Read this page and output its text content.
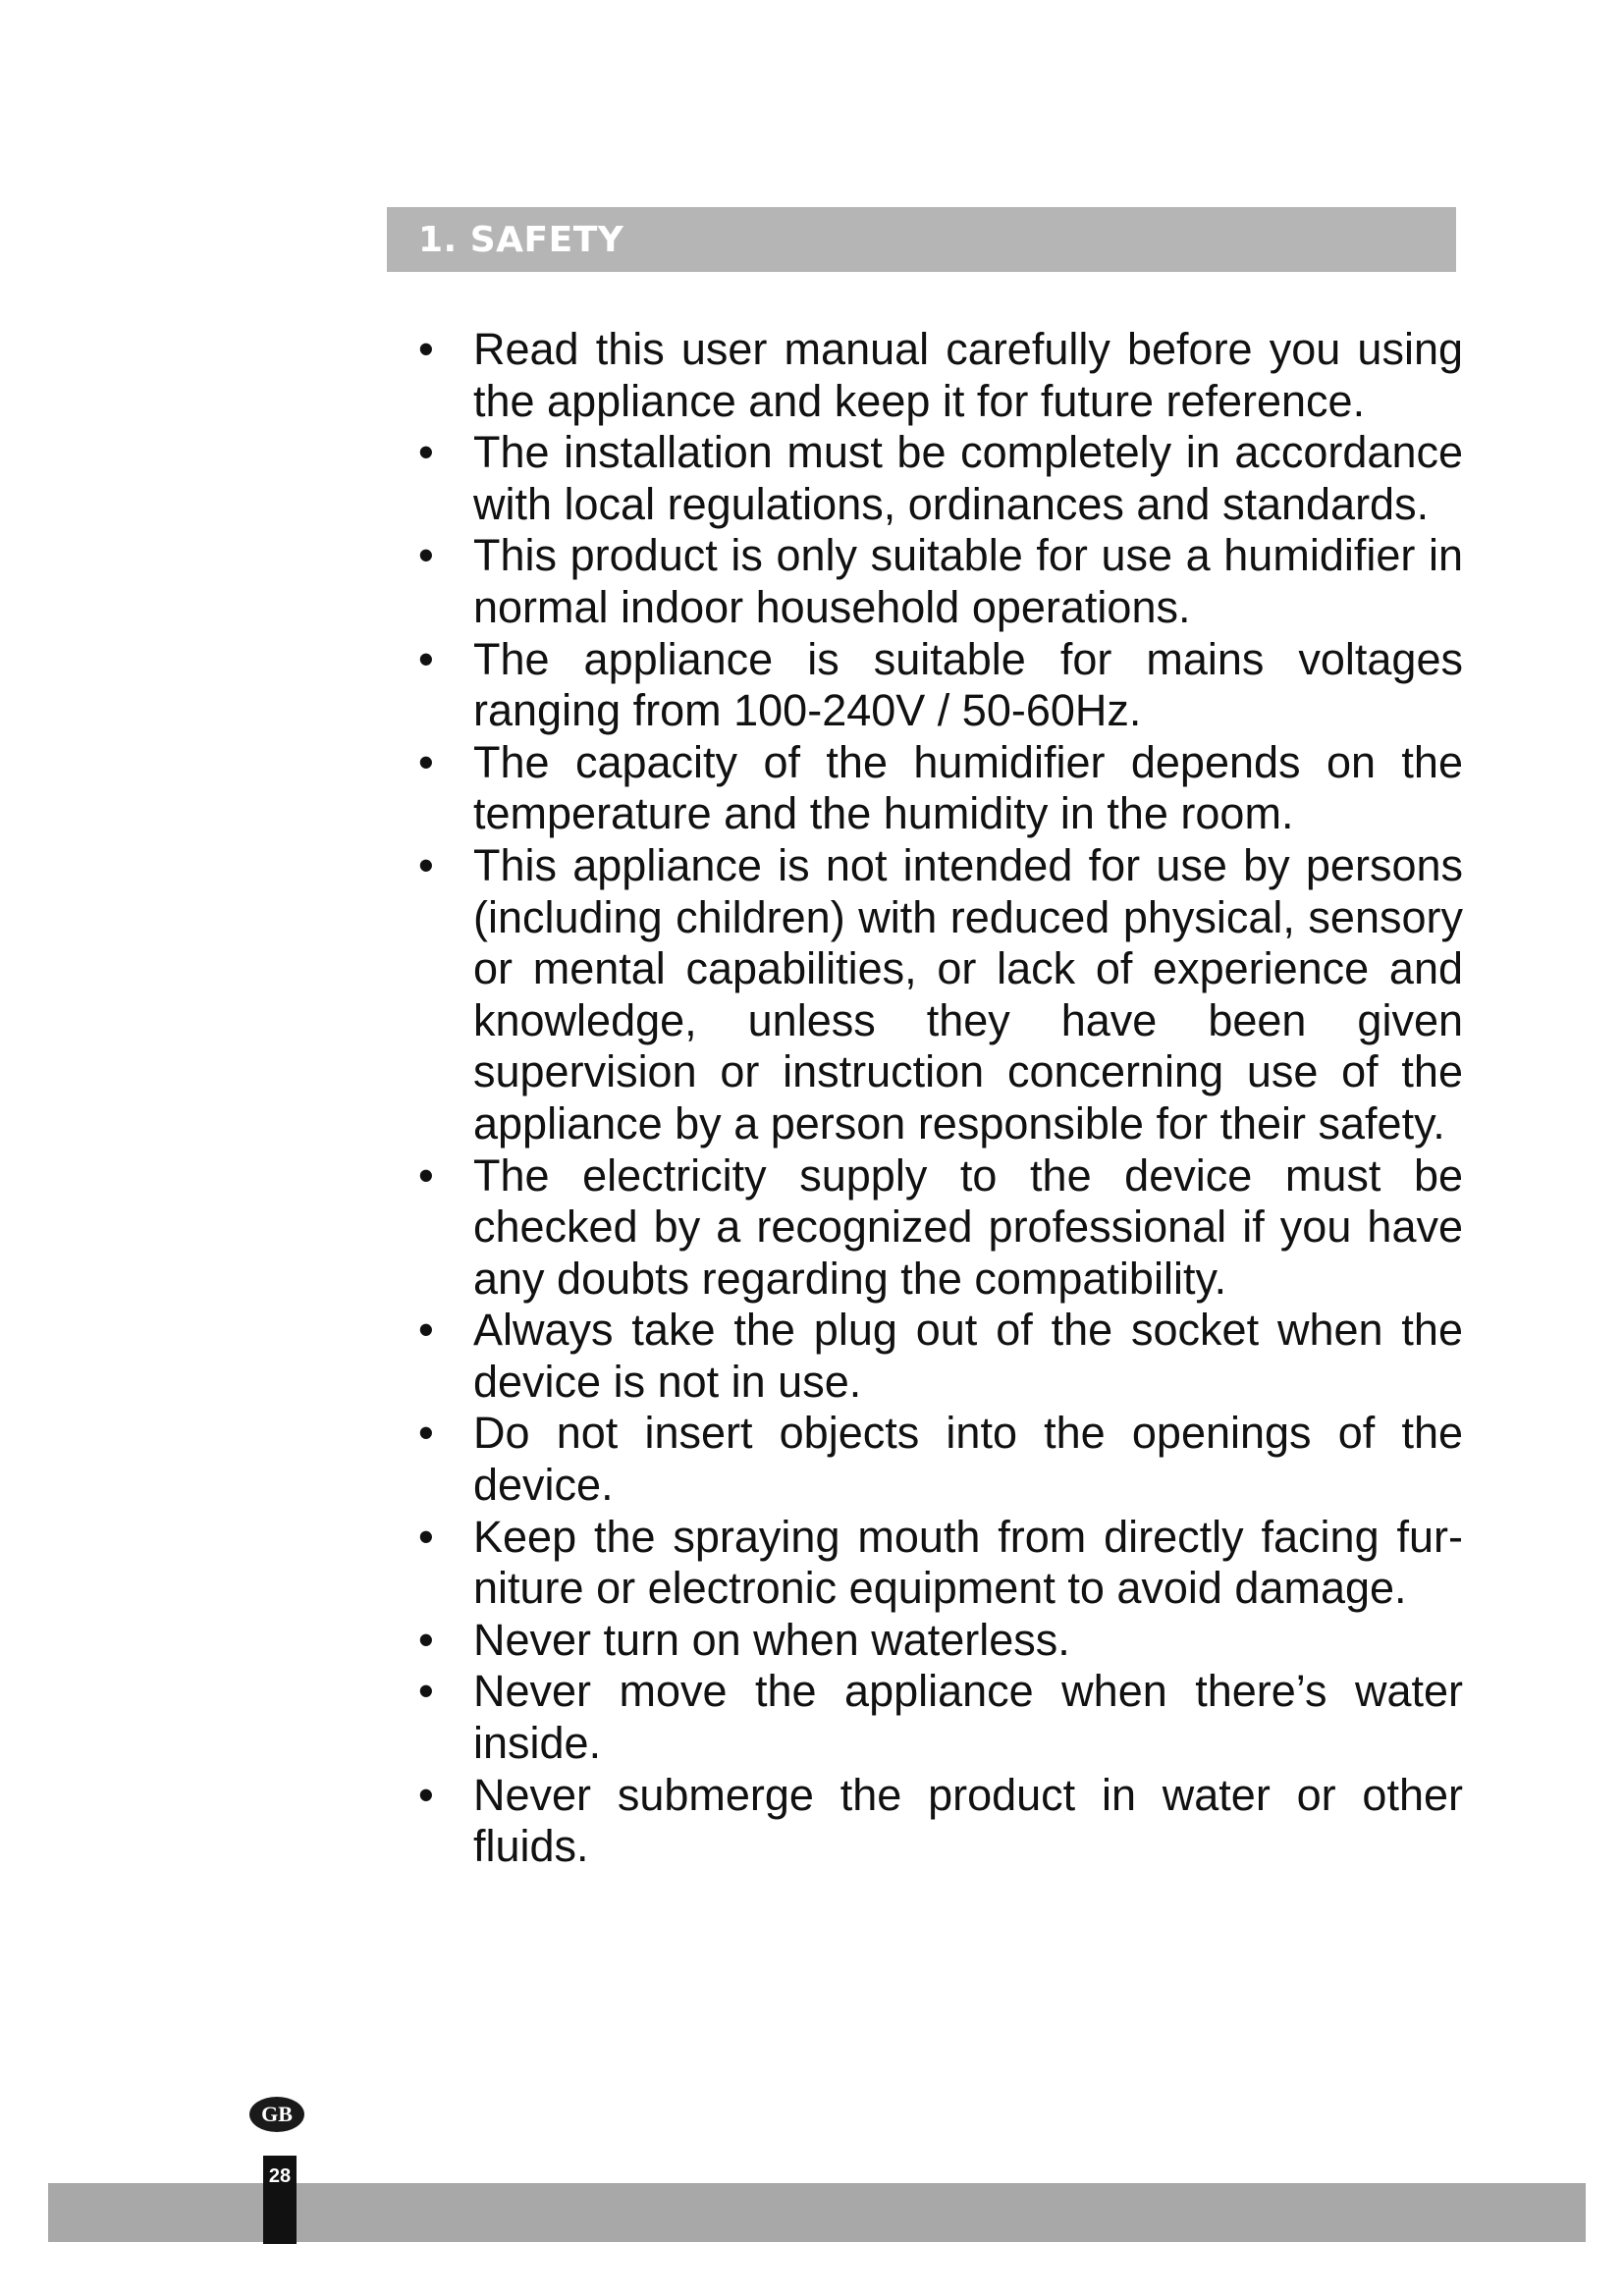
1. SAFETY
• Read this user manual carefully before you using the appliance and keep it for future reference.
• The installation must be completely in accordance with local regulations, ordinances and standards.
• This product is only suitable for use a humidifier in normal indoor household operations.
• The appliance is suitable for mains voltages ranging from 100-240V / 50-60Hz.
• The capacity of the humidifier depends on the temperature and the humidity in the room.
• This appliance is not intended for use by persons (including children) with reduced physical, sensory or mental capabilities, or lack of experience and knowledge, unless they have been given supervision or instruction concerning use of the appliance by a person responsible for their safety.
• The electricity supply to the device must be checked by a recognized professional if you have any doubts regarding the compatibility.
• Always take the plug out of the socket when the device is not in use.
• Do not insert objects into the openings of the device.
• Keep the spraying mouth from directly facing furniture or electronic equipment to avoid damage.
• Never turn on when waterless.
• Never move the appliance when there’s water inside.
• Never submerge the product in water or other fluids.
GB
28
